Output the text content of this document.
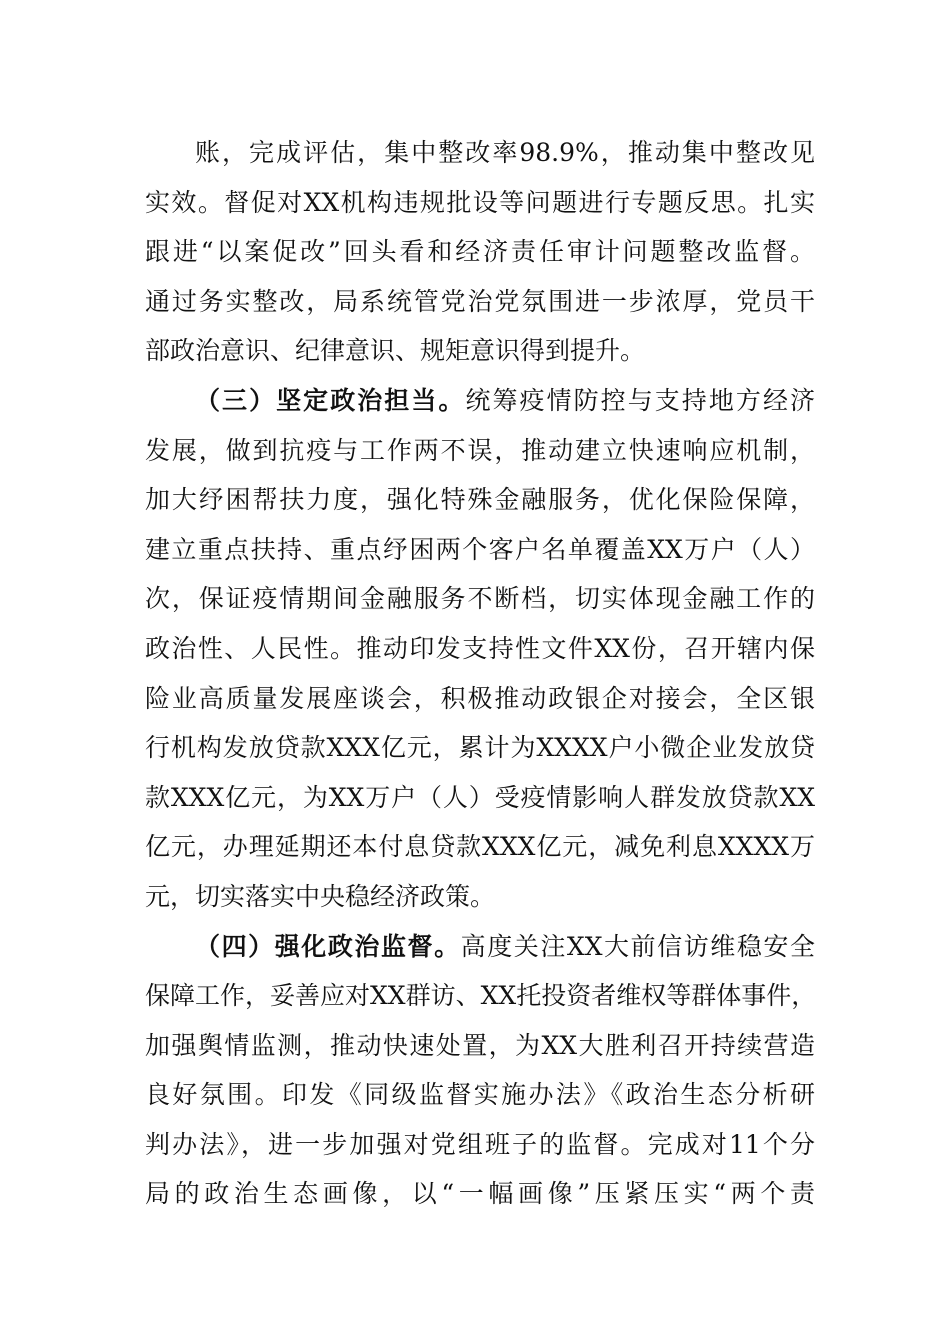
账，完成评估，集中整改率98.9%，推动集中整改见
实效。督促对XX机构违规批设等问题进行专题反思。扎实
跟进“以案促改”回头看和经济责任审计问题整改监督。
通过务实整改，局系统管党治党氛围进一步浓厚，党员干
部政治意识、纪律意识、规矩意识得到提升。
（三）坚定政治担当。统筹疫情防控与支持地方经济
发展，做到抗疫与工作两不误，推动建立快速响应机制，
加大纾困帮扶力度，强化特殊金融服务，优化保险保障，
建立重点扶持、重点纾困两个客户名单覆盖XX万户（人）
次，保证疫情期间金融服务不断档，切实体现金融工作的
政治性、人民性。推动印发支持性文件XX份，召开辖内保
险业高质量发展座谈会，积极推动政银企对接会，全区银
行机构发放贷款XXX亿元，累计为XXXX户小微企业发放贷
款XXX亿元，为XX万户（人）受疫情影响人群发放贷款XX
亿元，办理延期还本付息贷款XXX亿元，减免利息XXXX万
元，切实落实中央稳经济政策。
（四）强化政治监督。高度关注XX大前信访维稳安全
保障工作，妥善应对XX群访、XX托投资者维权等群体事件，
加强舆情监测，推动快速处置，为XX大胜利召开持续营造
良好氛围。印发《同级监督实施办法》《政治生态分析研
判办法》，进一步加强对党组班子的监督。完成对11个分
局的政治生态画像，以“一幅画像”压紧压实“两个责
